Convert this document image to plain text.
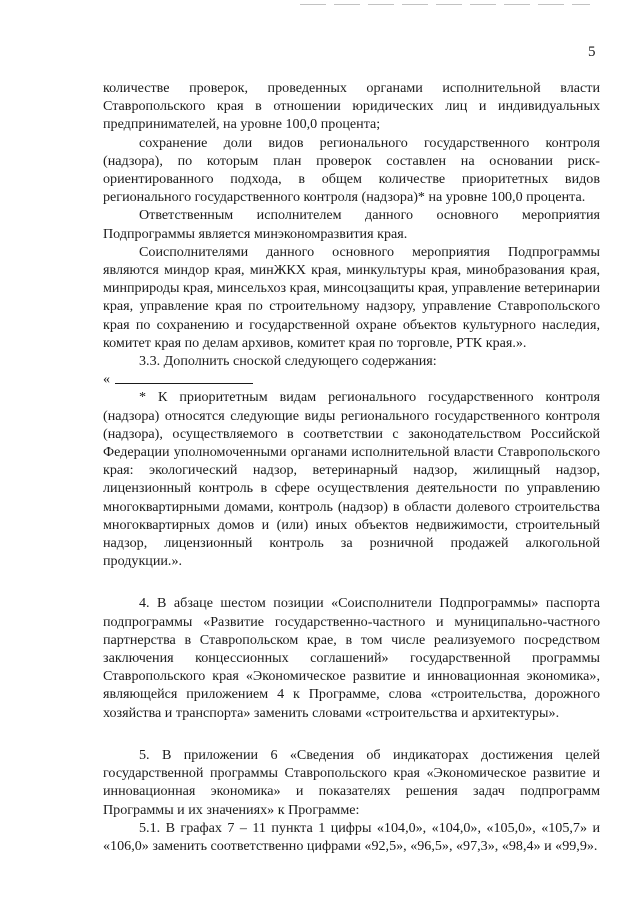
5

количестве проверок, проведенных органами исполнительной власти Ставропольского края в отношении юридических лиц и индивидуальных предпринимателей, на уровне 100,0 процента;

сохранение доли видов регионального государственного контроля (надзора), по которым план проверок составлен на основании риск-ориентированного подхода, в общем количестве приоритетных видов регионального государственного контроля (надзора)* на уровне 100,0 процента.

Ответственным исполнителем данного основного мероприятия Подпрограммы является минэкономразвития края.

Соисполнителями данного основного мероприятия Подпрограммы являются миндор края, минЖКХ края, минкультуры края, минобразования края, минприроды края, минсельхоз края, минсоцзащиты края, управление ветеринарии края, управление края по строительному надзору, управление Ставропольского края по сохранению и государственной охране объектов культурного наследия, комитет края по делам архивов, комитет края по торговле, РТК края.».

3.3. Дополнить сноской следующего содержания:

«

* К приоритетным видам регионального государственного контроля (надзора) относятся следующие виды регионального государственного контроля (надзора), осуществляемого в соответствии с законодательством Российской Федерации уполномоченными органами исполнительной власти Ставропольского края: экологический надзор, ветеринарный надзор, жилищный надзор, лицензионный контроль в сфере осуществления деятельности по управлению многоквартирными домами, контроль (надзор) в области долевого строительства многоквартирных домов и (или) иных объектов недвижимости, строительный надзор, лицензионный контроль за розничной продажей алкогольной продукции.».

4. В абзаце шестом позиции «Соисполнители Подпрограммы» паспорта подпрограммы «Развитие государственно-частного и муниципально-частного партнерства в Ставропольском крае, в том числе реализуемого посредством заключения концессионных соглашений» государственной программы Ставропольского края «Экономическое развитие и инновационная экономика», являющейся приложением 4 к Программе, слова «строительства, дорожного хозяйства и транспорта» заменить словами «строительства и архитектуры».

5. В приложении 6 «Сведения об индикаторах достижения целей государственной программы Ставропольского края «Экономическое развитие и инновационная экономика» и показателях решения задач подпрограмм Программы и их значениях» к Программе:

5.1. В графах 7 – 11 пункта 1 цифры «104,0», «104,0», «105,0», «105,7» и «106,0» заменить соответственно цифрами «92,5», «96,5», «97,3», «98,4» и «99,9».
